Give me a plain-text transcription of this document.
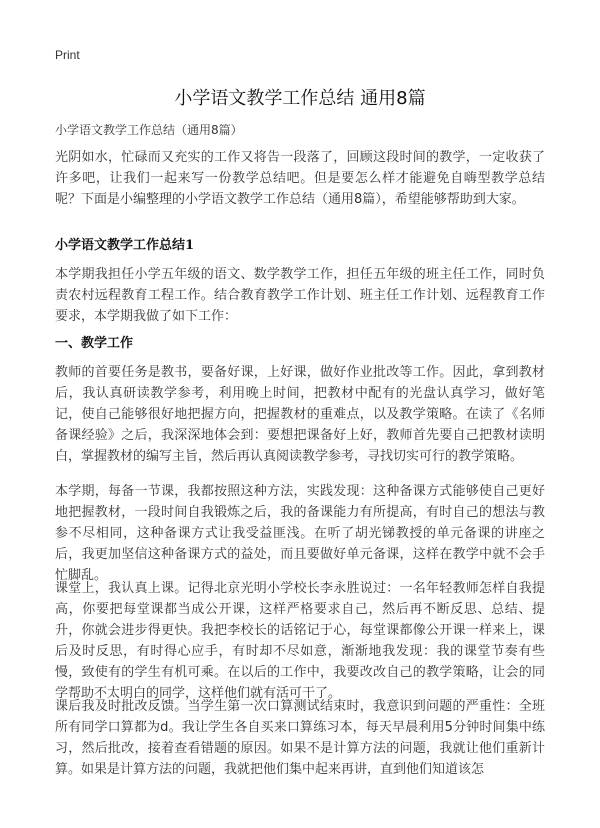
Print
小学语文教学工作总结 通用8篇
小学语文教学工作总结（通用8篇）

光阴如水，忙碌而又充实的工作又将告一段落了，回顾这段时间的教学，一定收获了许多吧，让我们一起来写一份教学总结吧。但是要怎么样才能避免自嗨型教学总结呢？下面是小编整理的小学语文教学工作总结（通用8篇），希望能够帮助到大家。

小学语文教学工作总结1

本学期我担任小学五年级的语文、数学教学工作，担任五年级的班主任工作，同时负责农村远程教育工程工作。结合教育教学工作计划、班主任工作计划、远程教育工作要求，本学期我做了如下工作：

一、教学工作

教师的首要任务是教书，要备好课，上好课，做好作业批改等工作。因此，拿到教材后，我认真研读教学参考，利用晚上时间，把教材中配有的光盘认真学习，做好笔记，使自己能够很好地把握方向，把握教材的重难点，以及教学策略。在读了《名师备课经验》之后，我深深地体会到：要想把课备好上好，教师首先要自己把教材读明白，掌握教材的编写主旨，然后再认真阅读教学参考，寻找切实可行的教学策略。

本学期，每备一节课，我都按照这种方法，实践发现：这种备课方式能够使自己更好地把握教材，一段时间自我锻炼之后，我的备课能力有所提高，有时自己的想法与教参不尽相同，这种备课方式让我受益匪浅。在听了胡光锑教授的单元备课的讲座之后，我更加坚信这种备课方式的益处，而且要做好单元备课，这样在教学中就不会手忙脚乱。

课堂上，我认真上课。记得北京光明小学校长李永胜说过：一名年轻教师怎样自我提高，你要把每堂课都当成公开课，这样严格要求自己，然后再不断反思、总结、提升，你就会进步得更快。我把李校长的话铭记于心，每堂课都像公开课一样来上，课后及时反思，有时得心应手，有时却不尽如意，渐渐地我发现：我的课堂节奏有些慢，致使有的学生有机可乘。在以后的工作中，我要改改自己的教学策略，让会的同学帮助不太明白的同学，这样他们就有活可干了。

课后我及时批改反馈。当学生第一次口算测试结束时，我意识到问题的严重性：全班所有同学口算都为d。我让学生各自买来口算练习本，每天早晨利用5分钟时间集中练习，然后批改，接着查看错题的原因。如果不是计算方法的问题，我就让他们重新计算。如果是计算方法的问题，我就把他们集中起来再讲，直到他们知道该怎
